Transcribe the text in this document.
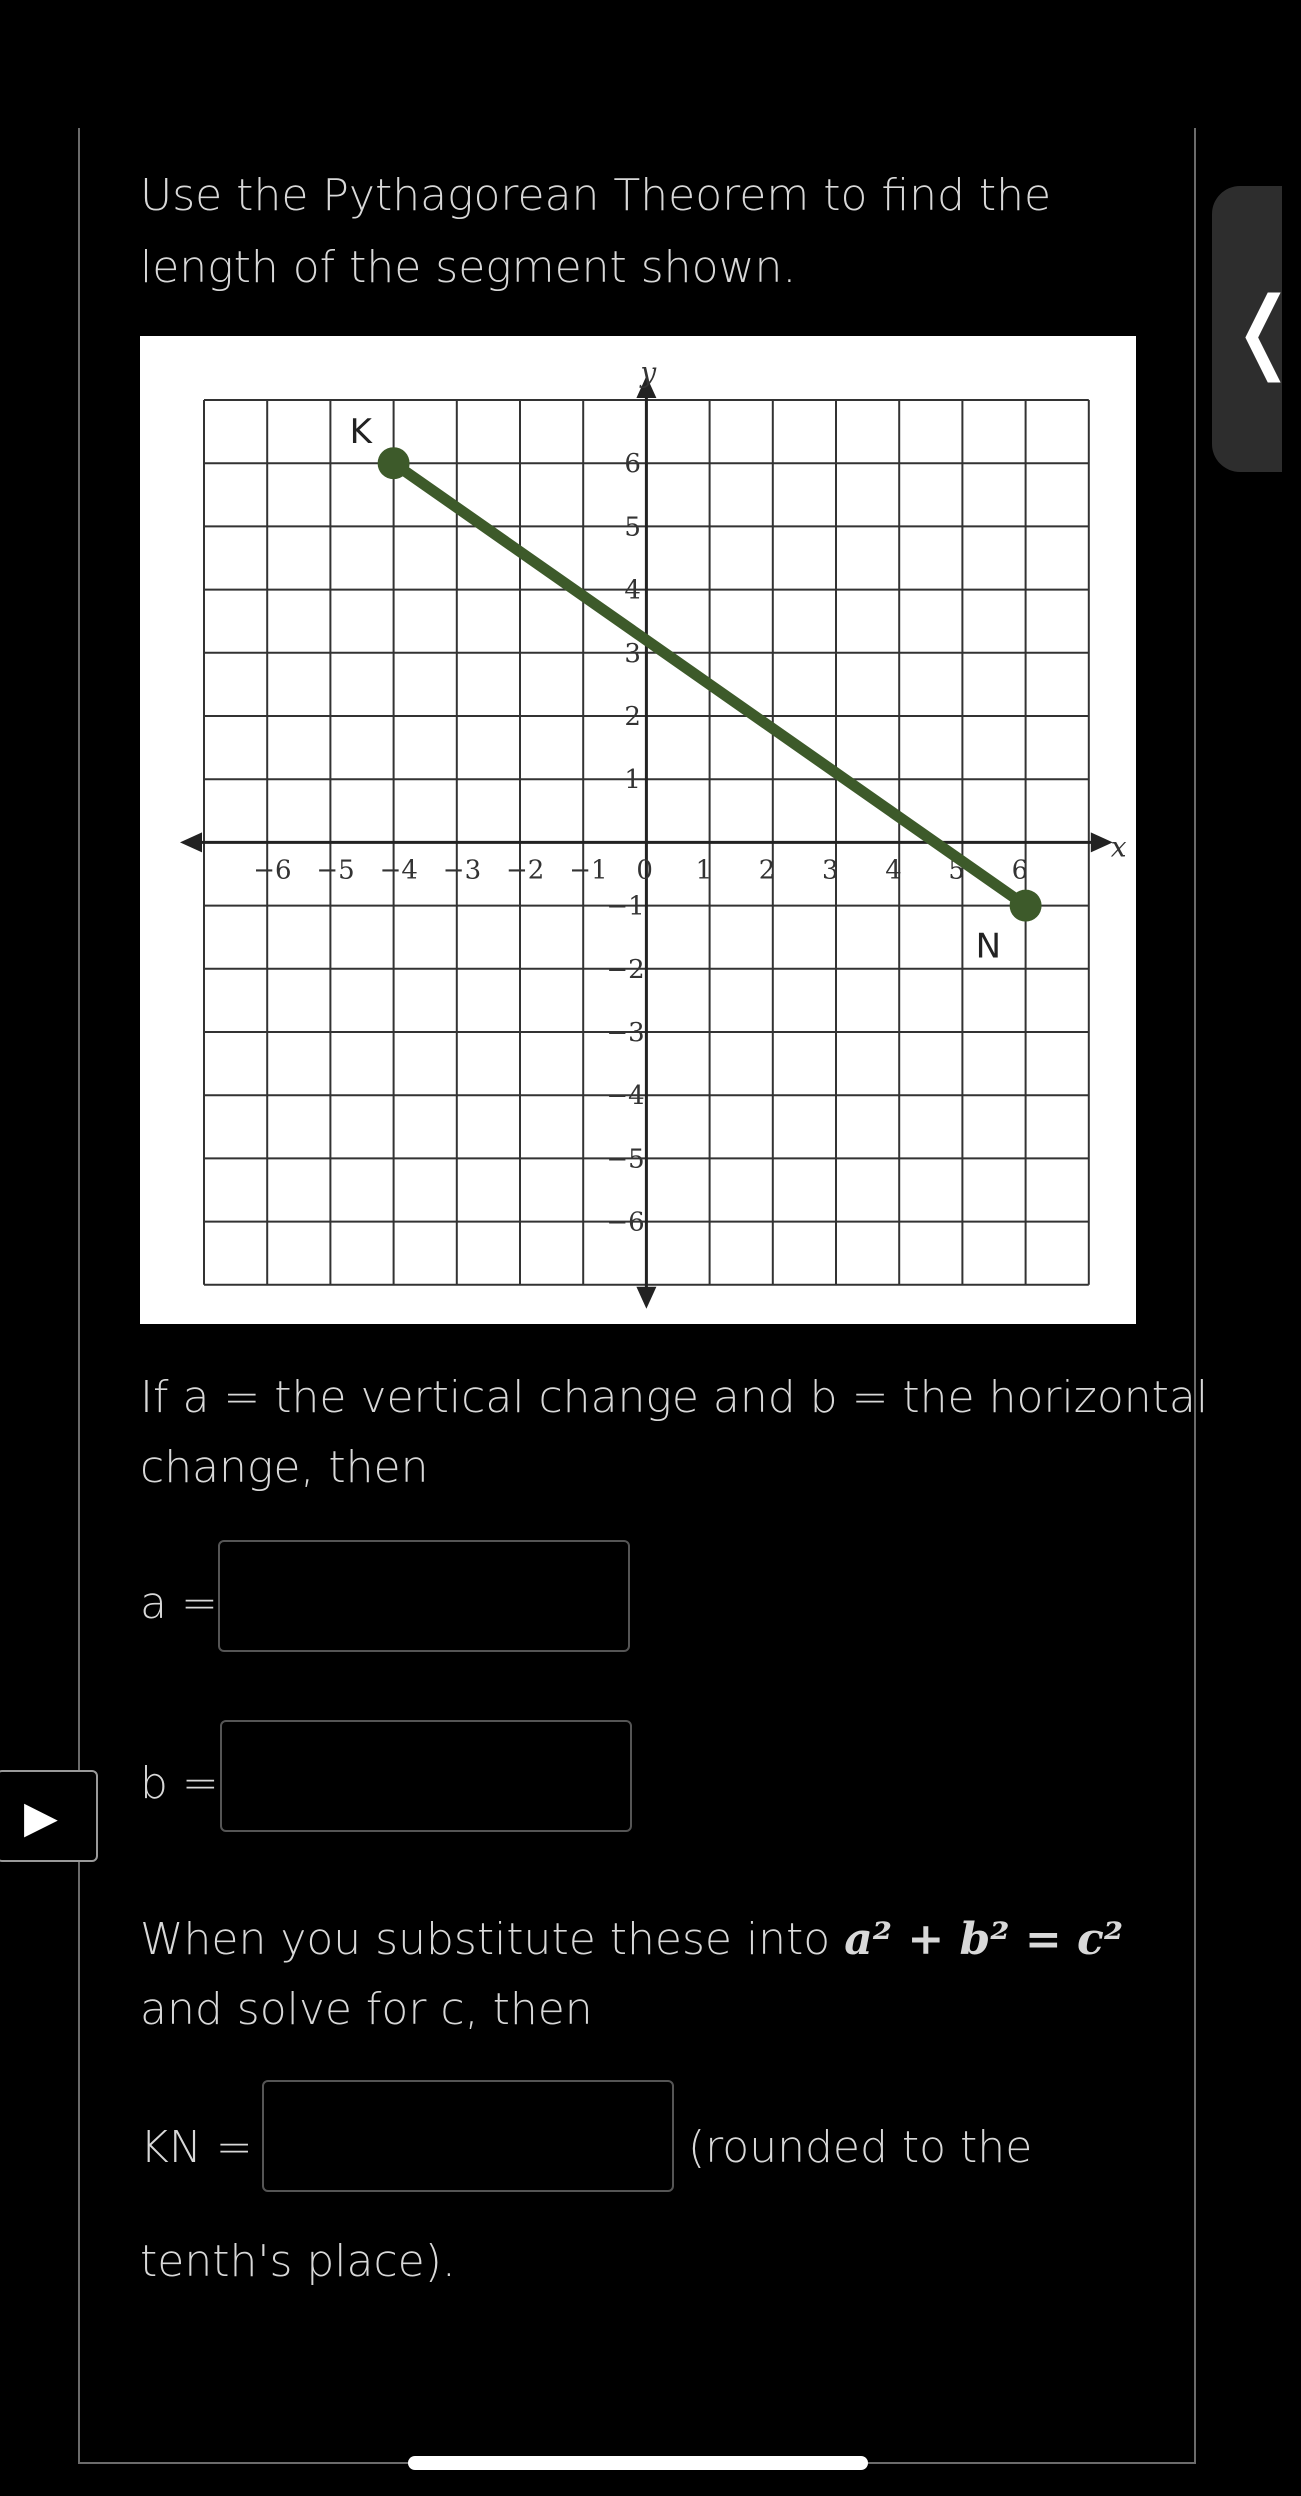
Use the Pythagorean Theorem to find the
length of the segment shown.
x
y
−6 −5 −4 −3 −2 −1 0 1 2 3 4 5 6
6
5
4
3
2
1
−1
−2
−3
−4
−5
−6
K
N
If a = the vertical change and b = the horizontal
change, then
a =
b =
When you substitute these into a² + b² = c²
and solve for c, then
KN =	(rounded to the
tenth's place).
❬
▶
